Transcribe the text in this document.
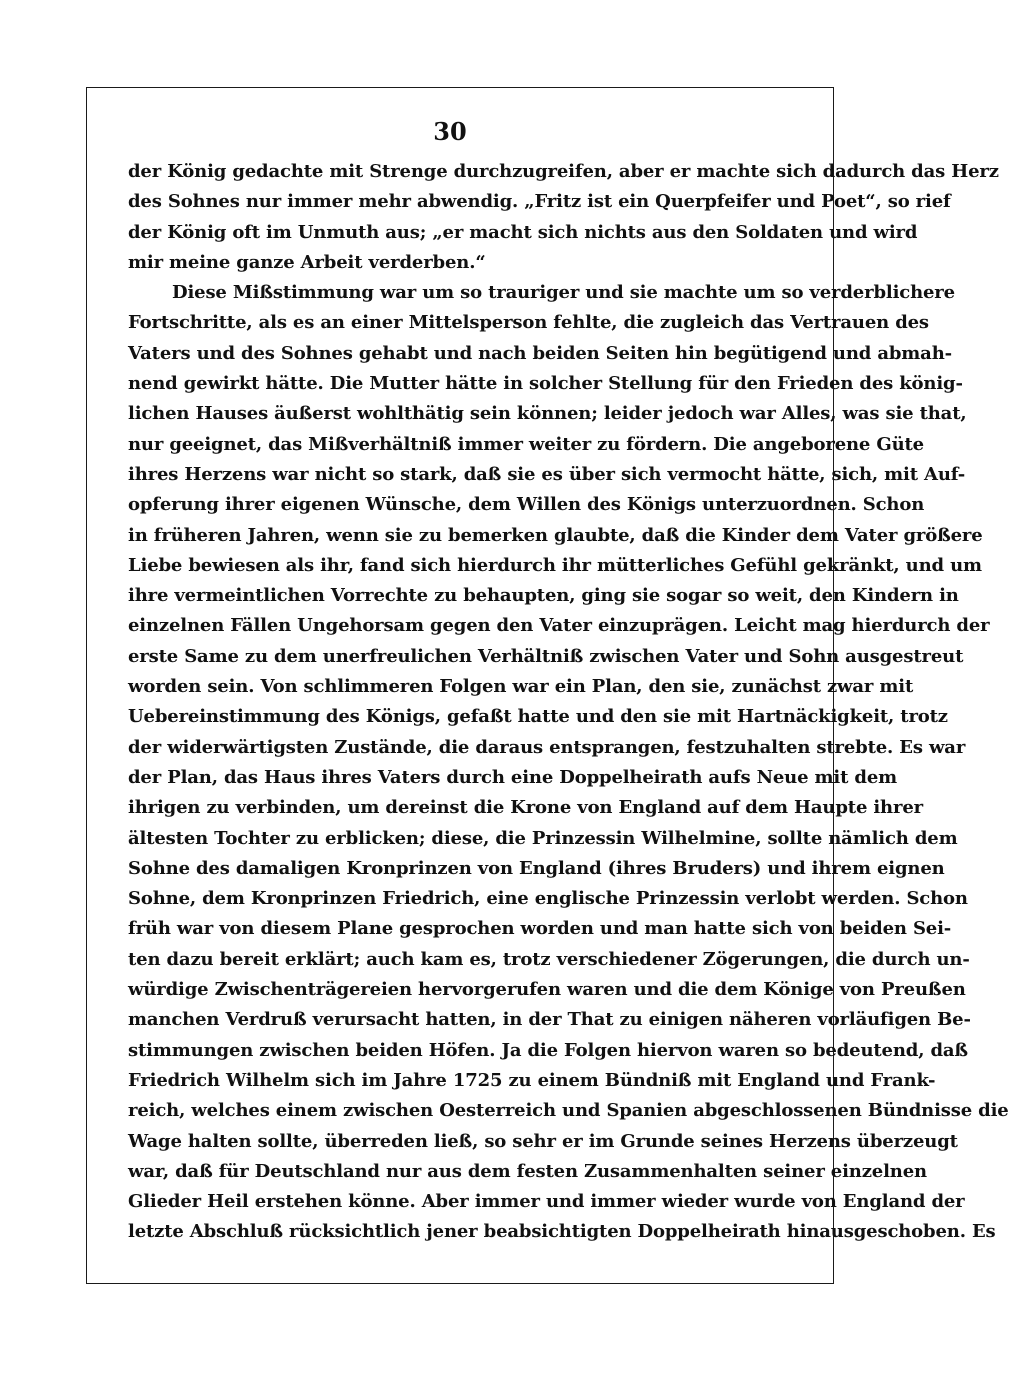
30
der König gedachte mit Strenge durchzugreifen, aber er machte sich dadurch das Herz
des Sohnes nur immer mehr abwendig. „Fritz ist ein Querpfeifer und Poet“, so rief
der König oft im Unmuth aus; „er macht sich nichts aus den Soldaten und wird
mir meine ganze Arbeit verderben.“
Diese Mißstimmung war um so trauriger und sie machte um so verderblichere
Fortschritte, als es an einer Mittelsperson fehlte, die zugleich das Vertrauen des
Vaters und des Sohnes gehabt und nach beiden Seiten hin begütigend und abmah-
nend gewirkt hätte. Die Mutter hätte in solcher Stellung für den Frieden des könig-
lichen Hauses äußerst wohlthätig sein können; leider jedoch war Alles, was sie that,
nur geeignet, das Mißverhältniß immer weiter zu fördern. Die angeborene Güte
ihres Herzens war nicht so stark, daß sie es über sich vermocht hätte, sich, mit Auf-
opferung ihrer eigenen Wünsche, dem Willen des Königs unterzuordnen. Schon
in früheren Jahren, wenn sie zu bemerken glaubte, daß die Kinder dem Vater größere
Liebe bewiesen als ihr, fand sich hierdurch ihr mütterliches Gefühl gekränkt, und um
ihre vermeintlichen Vorrechte zu behaupten, ging sie sogar so weit, den Kindern in
einzelnen Fällen Ungehorsam gegen den Vater einzuprägen. Leicht mag hierdurch der
erste Same zu dem unerfreulichen Verhältniß zwischen Vater und Sohn ausgestreut
worden sein. Von schlimmeren Folgen war ein Plan, den sie, zunächst zwar mit
Uebereinstimmung des Königs, gefaßt hatte und den sie mit Hartnäckigkeit, trotz
der widerwärtigsten Zustände, die daraus entsprangen, festzuhalten strebte. Es war
der Plan, das Haus ihres Vaters durch eine Doppelheirath aufs Neue mit dem
ihrigen zu verbinden, um dereinst die Krone von England auf dem Haupte ihrer
ältesten Tochter zu erblicken; diese, die Prinzessin Wilhelmine, sollte nämlich dem
Sohne des damaligen Kronprinzen von England (ihres Bruders) und ihrem eignen
Sohne, dem Kronprinzen Friedrich, eine englische Prinzessin verlobt werden. Schon
früh war von diesem Plane gesprochen worden und man hatte sich von beiden Sei-
ten dazu bereit erklärt; auch kam es, trotz verschiedener Zögerungen, die durch un-
würdige Zwischenträgereien hervorgerufen waren und die dem Könige von Preußen
manchen Verdruß verursacht hatten, in der That zu einigen näheren vorläufigen Be-
stimmungen zwischen beiden Höfen. Ja die Folgen hiervon waren so bedeutend, daß
Friedrich Wilhelm sich im Jahre 1725 zu einem Bündniß mit England und Frank-
reich, welches einem zwischen Oesterreich und Spanien abgeschlossenen Bündnisse die
Wage halten sollte, überreden ließ, so sehr er im Grunde seines Herzens überzeugt
war, daß für Deutschland nur aus dem festen Zusammenhalten seiner einzelnen
Glieder Heil erstehen könne. Aber immer und immer wieder wurde von England der
letzte Abschluß rücksichtlich jener beabsichtigten Doppelheirath hinausgeschoben. Es
